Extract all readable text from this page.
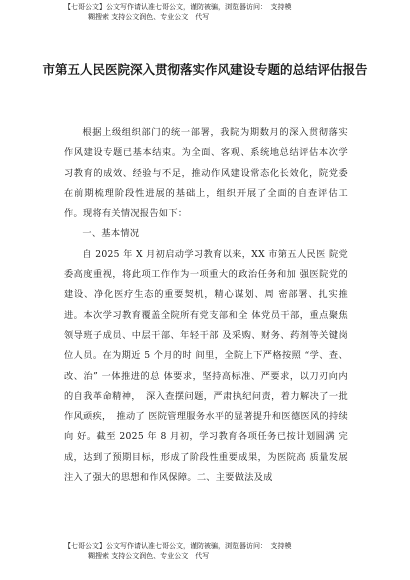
【七哥公文】公文写作请认准七哥公文，谨防被骗，浏览器访问：　支持模
糊搜索 支持公文润色、专业公文　代写
市第五人民医院深入贯彻落实作风建设专题的总结评估报告

根据上级组织部门的统一部署，我院为期数月的深入贯彻落实作风建设专题已基本结束。为全面、客观、系统地总结评估本次学习教育的成效、经验与不足，推动作风建设常态化长效化，院党委在前期梳理阶段性进展的基础上，组织开展了全面的自查评估工作。现将有关情况报告如下：

一、基本情况

自 2025 年 X 月初启动学习教育以来，XX 市第五人民医 院党委高度重视，将此项工作作为一项重大的政治任务和加 强医院党的建设、净化医疗生态的重要契机，精心谋划、周 密部署、扎实推进。本次学习教育覆盖全院所有党支部和全 体党员干部，重点聚焦领导班子成员、中层干部、年轻干部 及采购、财务、药剂等关键岗位人员。在为期近 5 个月的时 间里，全院上下严格按照 “学、查、改、治” 一体推进的总 体要求，坚持高标准、严要求，以刀刃向内的自我革命精神，　深入查摆问题，严肃执纪问责，着力解决了一批作风顽疾，　推动了 医院管理服务水平的显著提升和医德医风的持续向 好。截至 2025 年 8 月初，学习教育各项任务已按计划圆满 完成，达到了预期目标，形成了阶段性重要成果，为医院高 质量发展注入了强大的思想和作风保障。二、主要做法及成

【七哥公文】公文写作请认准七哥公文，谨防被骗，浏览器访问：　支持模
糊搜索 支持公文润色、专业公文　代写
